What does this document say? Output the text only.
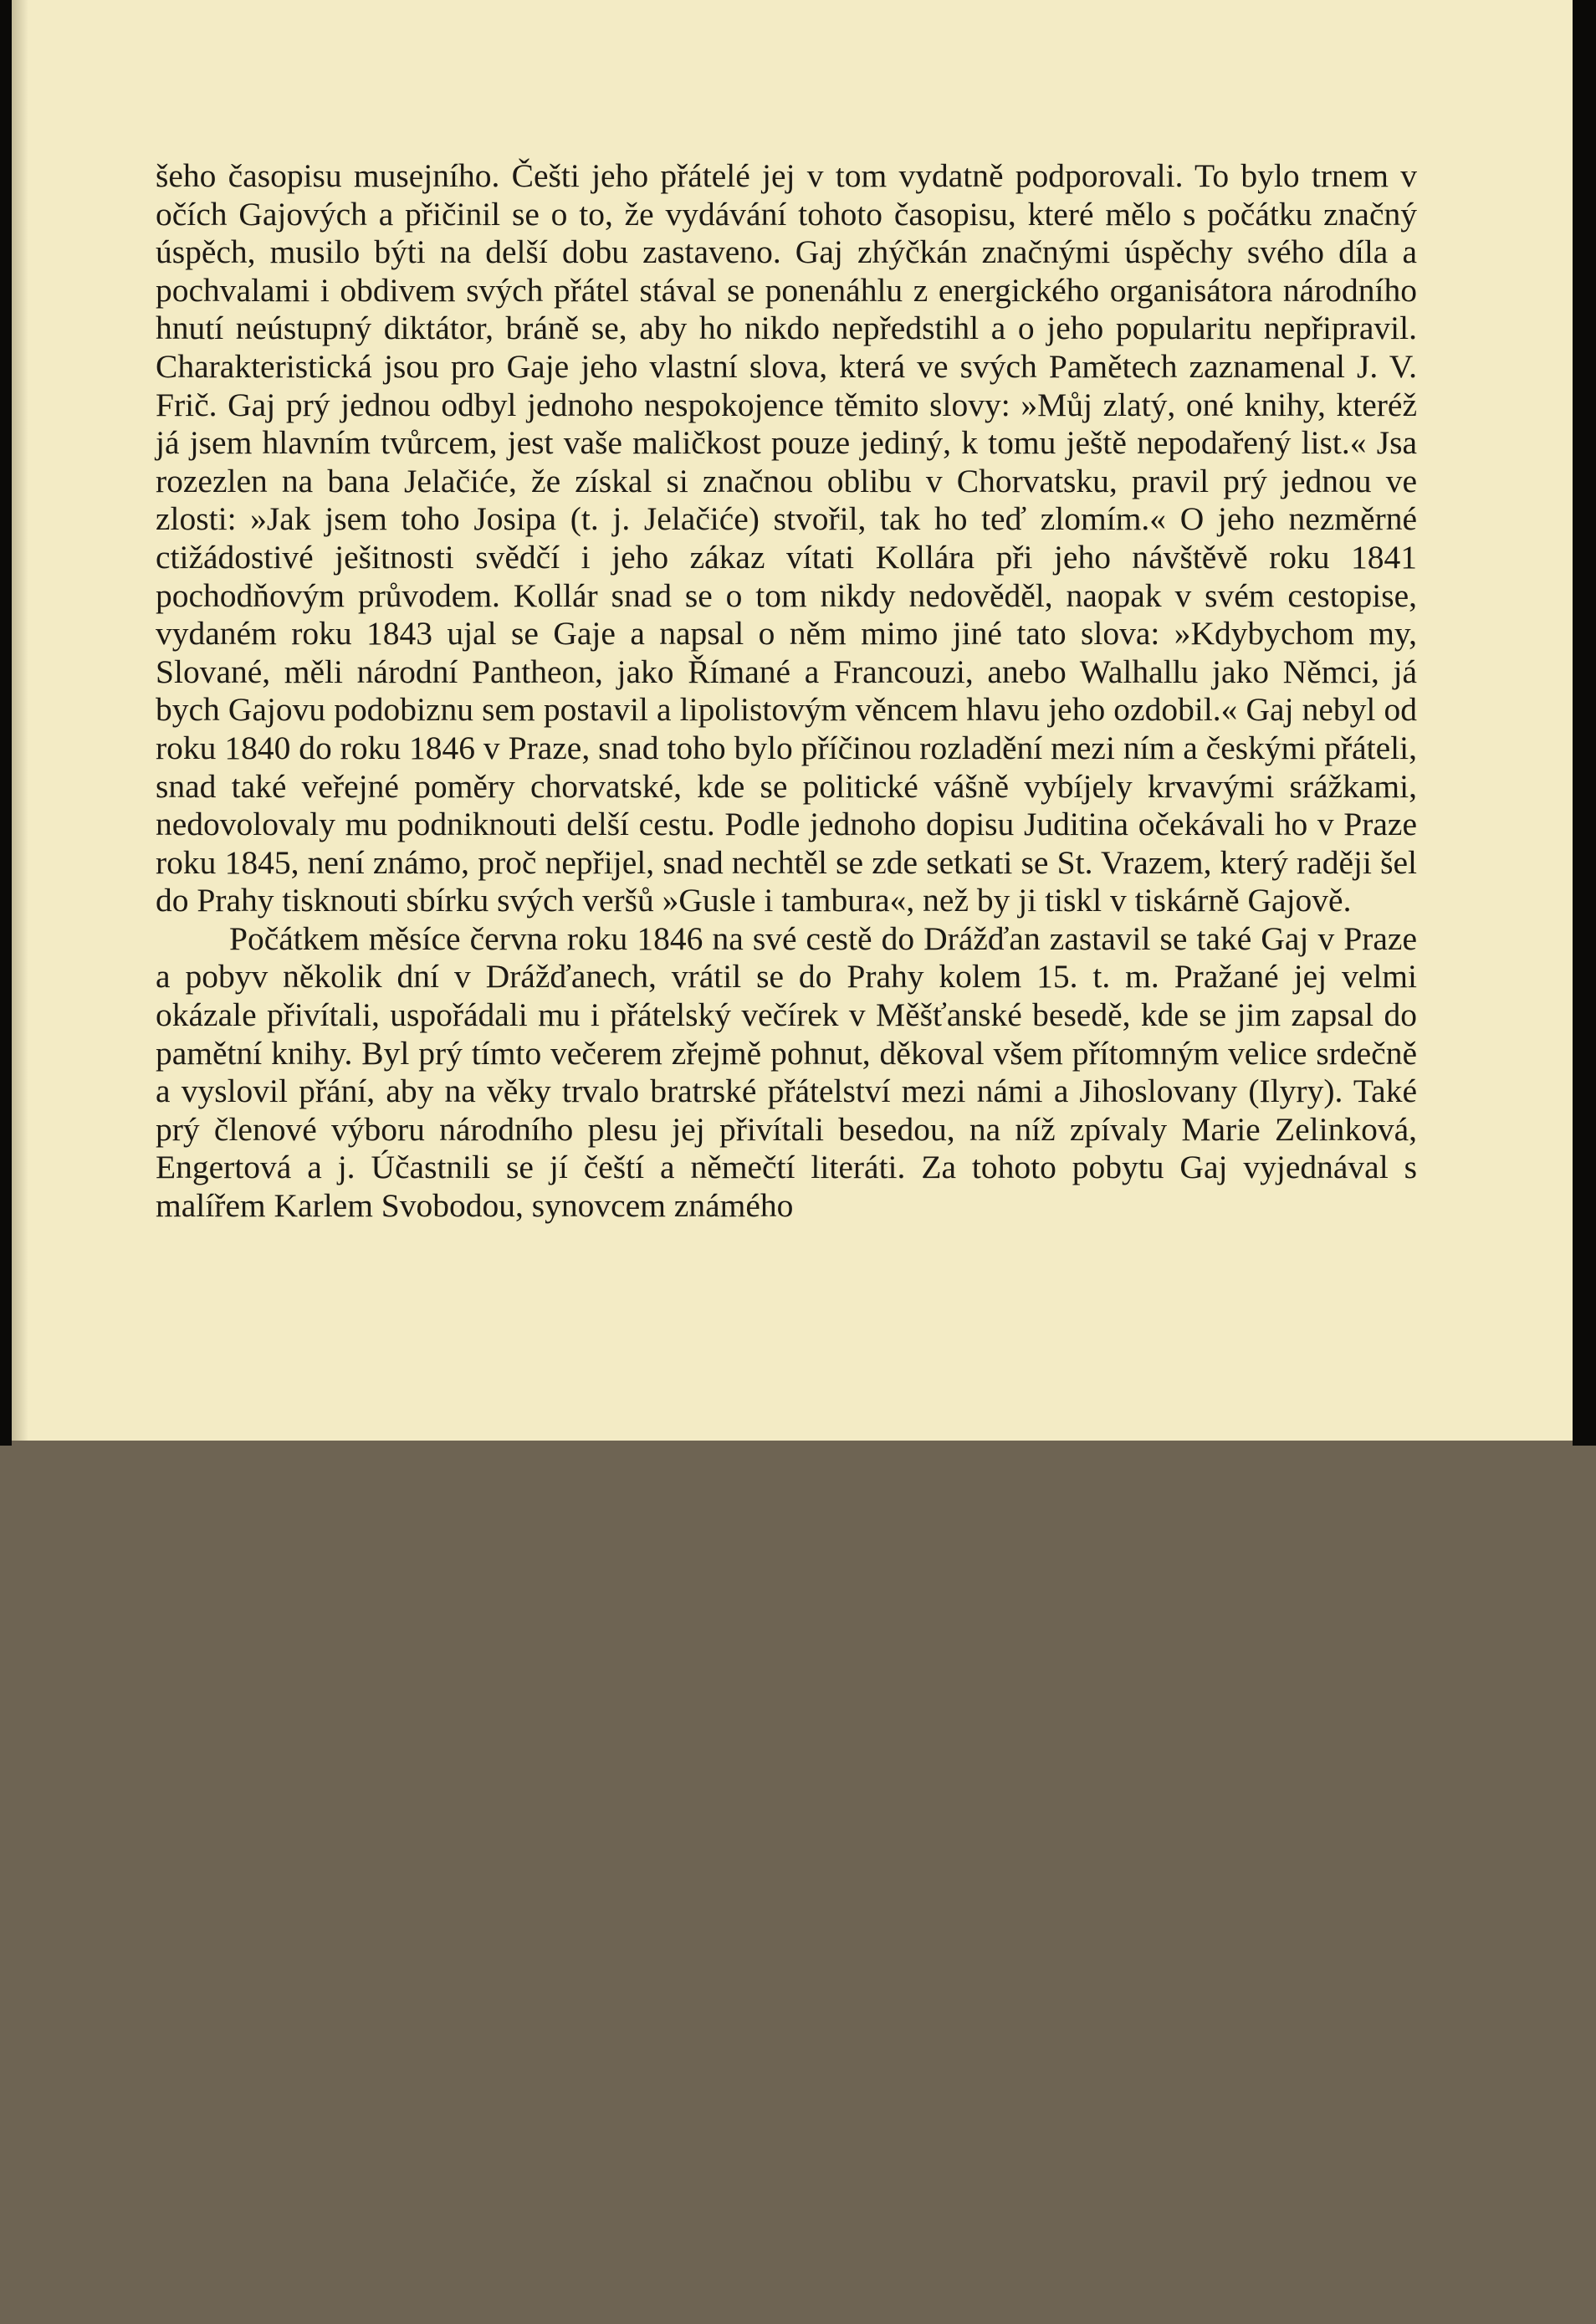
šeho časopisu musejního. Češti jeho přátelé jej v tom vydatně podporovali. To bylo trnem v očích Gajových a přičinil se o to, že vydávání tohoto časopisu, které mělo s počátku značný úspěch, musilo býti na delší dobu zastaveno. Gaj zhýčkán značnými úspěchy svého díla a pochvalami i obdivem svých přátel stával se ponenáhlu z energického organisátora národního hnutí neústupný diktátor, bráně se, aby ho nikdo nepředstihl a o jeho popularitu nepřipravil. Charakteristická jsou pro Gaje jeho vlastní slova, která ve svých Pamětech zaznamenal J. V. Frič. Gaj prý jednou odbyl jednoho nespokojence těmito slovy: »Můj zlatý, oné knihy, kteréž já jsem hlavním tvůrcem, jest vaše maličkost pouze jediný, k tomu ještě nepodařený list.« Jsa rozezlen na bana Jelačiće, že získal si značnou oblibu v Chorvatsku, pravil prý jednou ve zlosti: »Jak jsem toho Josipa (t. j. Jelačiće) stvořil, tak ho teď zlomím.« O jeho nezměrné ctižádostivé ješitnosti svědčí i jeho zákaz vítati Kollára při jeho návštěvě roku 1841 pochodňovým průvodem. Kollár snad se o tom nikdy nedověděl, naopak v svém cestopise, vydaném roku 1843 ujal se Gaje a napsal o něm mimo jiné tato slova: »Kdybychom my, Slované, měli národní Pantheon, jako Římané a Francouzi, anebo Walhallu jako Němci, já bych Gajovu podobiznu sem postavil a lipolistovým věncem hlavu jeho ozdobil.« Gaj nebyl od roku 1840 do roku 1846 v Praze, snad toho bylo příčinou rozladění mezi ním a českými přáteli, snad také veřejné poměry chorvatské, kde se politické vášně vybíjely krvavými srážkami, nedovolovaly mu podniknouti delší cestu. Podle jednoho dopisu Juditina očekávali ho v Praze roku 1845, není známo, proč nepřijel, snad nechtěl se zde setkati se St. Vrazem, který raději šel do Prahy tisknouti sbírku svých veršů »Gusle i tambura«, než by ji tiskl v tiskárně Gajově.

Počátkem měsíce června roku 1846 na své cestě do Drážďan zastavil se také Gaj v Praze a pobyv několik dní v Drážďanech, vrátil se do Prahy kolem 15. t. m. Pražané jej velmi okázale přivítali, uspořádali mu i přátelský večírek v Měšťanské besedě, kde se jim zapsal do pamětní knihy. Byl prý tímto večerem zřejmě pohnut, děkoval všem přítomným velice srdečně a vyslovil přání, aby na věky trvalo bratrské přátelství mezi námi a Jihoslovany (Ilyry). Také prý členové výboru národního plesu jej přivítali besedou, na níž zpívaly Marie Zelinková, Engertová a j. Účastnili se jí čeští a němečtí literáti. Za tohoto pobytu Gaj vyjednával s malířem Karlem Svobodou, synovcem známého
